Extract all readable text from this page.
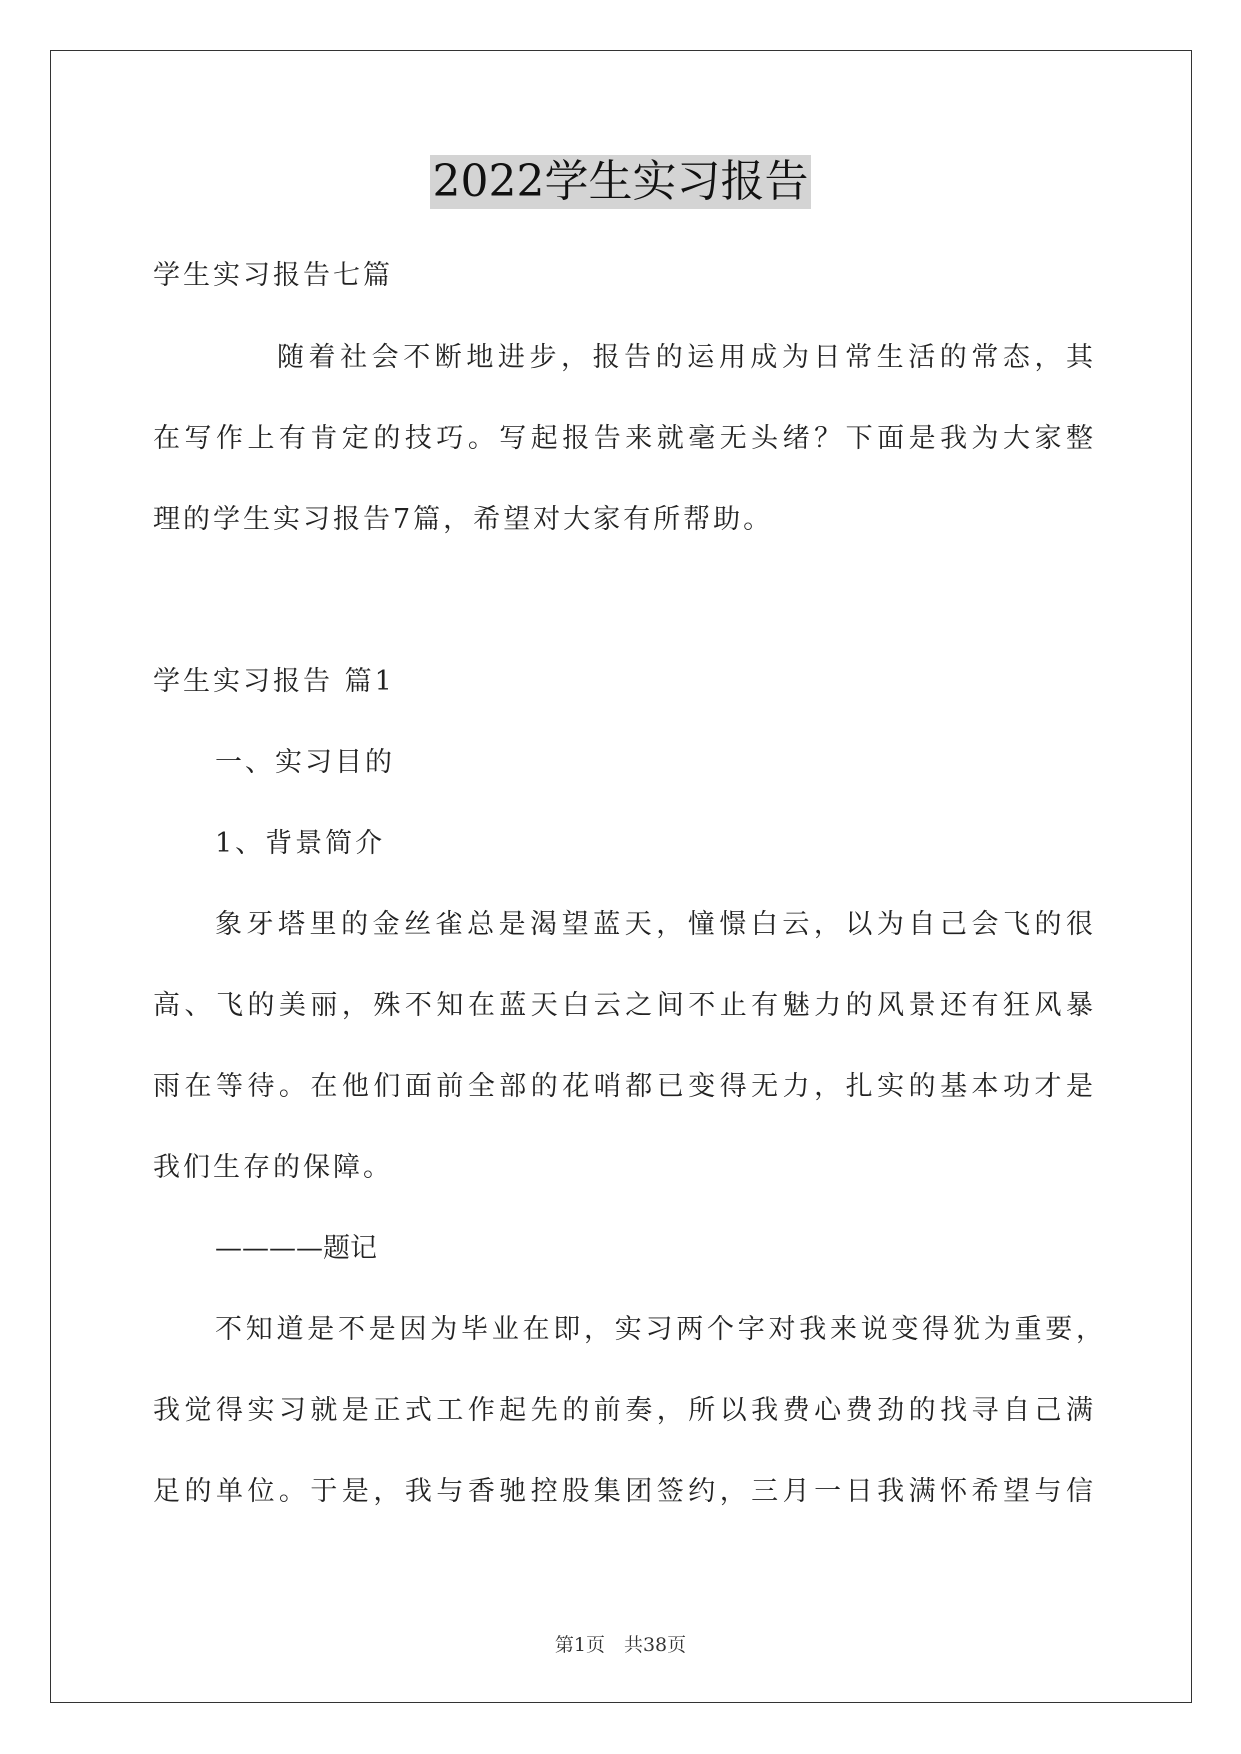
2022学生实习报告
学生实习报告七篇
随着社会不断地进步，报告的运用成为日常生活的常态，其
在写作上有肯定的技巧。写起报告来就毫无头绪？下面是我为大家整
理的学生实习报告7篇，希望对大家有所帮助。
学生实习报告 篇1
一、实习目的
1、背景简介
象牙塔里的金丝雀总是渴望蓝天，憧憬白云，以为自己会飞的很
高、飞的美丽，殊不知在蓝天白云之间不止有魅力的风景还有狂风暴
雨在等待。在他们面前全部的花哨都已变得无力，扎实的基本功才是
我们生存的保障。
————题记
不知道是不是因为毕业在即，实习两个字对我来说变得犹为重要，
我觉得实习就是正式工作起先的前奏，所以我费心费劲的找寻自己满
足的单位。于是，我与香驰控股集团签约，三月一日我满怀希望与信
第1页　共38页
